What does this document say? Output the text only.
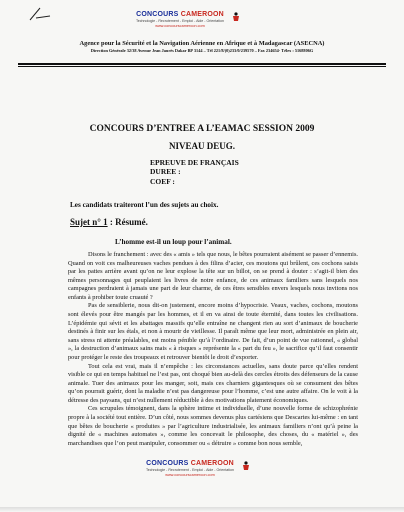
CONCOURS CAMEROON
Technologie - Recrutement - Emploi - Aide - Orientation
www.concourscameroon.com
Agence pour la Sécurité et la Navigation Aérienne en Afrique et à Madagascar (ASECNA)
Direction Générale 32/38 Avenue Jean Jaurès Dakar BP 3144 – Tél 221/8/(0)233/0/239570 – Fax 234654- Télex : 5168806G
CONCOURS D’ENTREE A L’EAMAC SESSION 2009
NIVEAU DEUG.
EPREUVE DE FRANÇAIS
DUREE :
COEF :
Les candidats traiteront l’un des sujets au choix.
Sujet n° 1 : Résumé.
L’homme est-il un loup pour l’animal.

Disons le franchement : avec des « amis » tels que nous, le bêtes pourraient aisément se passer d’ennemis. Quand on voit ces malheureuses vaches pendues à des filins d’acier, ces moutons qui brûlent, ces cochons saisis par les pattes arrière avant qu’on ne leur explose la tête sur un billot, on se prend à douter : s’agit-il bien des mêmes personnages qui peuplaient les livres de notre enfance, de ces animaux familiers sans lesquels nos campagnes perdraient à jamais une part de leur charme, de ces êtres sensibles envers lesquels nous invitons nos enfants à prohiber toute cruauté ?

Pas de sensiblerie, nous dit-on justement, encore moins d’hypocrisie. Veaux, vaches, cochons, moutons sont élevés pour être mangés par les hommes, et il en va ainsi de toute éternité, dans toutes les civilisations. L’épidémie qui sévit et les abattages massifs qu’elle entraîne ne changent rien au sort d’animaux de boucherie destinés à finir sur les étals, et non à mourir de vieillesse. Il paraît même que leur mort, administrée en plein air, sans stress ni attente préalables, est moins pénible qu’à l’ordinaire. De fait, d’un point de vue rationnel, « global », la destruction d’animaux sains mais « à risques » représente la « part du feu », le sacrifice qu’il faut consentir pour protéger le reste des troupeaux et retrouver bientôt le droit d’exporter.

Tout cela est vrai, mais il n’empêche : les circonstances actuelles, sans doute parce qu’elles rendent visible ce qui en temps habituel ne l’est pas, ont choqué bien au-delà des cercles étroits des défenseurs de la cause animale. Tuer des animaux pour les manger, soit, mais ces charniers gigantesques où se consument des bêtes qu’on pourrait guérir, dont la maladie n’est pas dangereuse pour l’homme, c’est une autre affaire. On le voit à la détresse des paysans, qui n’est nullement réductible à des motivations platement économiques.

Ces scrupules témoignent, dans la sphère intime et individuelle, d’une nouvelle forme de schizophrénie propre à la société tout entière. D’un côté, nous sommes devenus plus cartésiens que Descartes lui-même : en tant que bêtes de boucherie « produites » par l’agriculture industrialisée, les animaux familiers n’ont qu’à peine la dignité de « machines automates », comme les concevait le philosophe, des choses, du « matériel », des marchandises que l’on peut manipuler, consommer ou « détruire » comme bon nous semble,

CONCOURS CAMEROON
Technologie - Recrutement - Emploi - Aide - Orientation
www.concourscameroon.com
